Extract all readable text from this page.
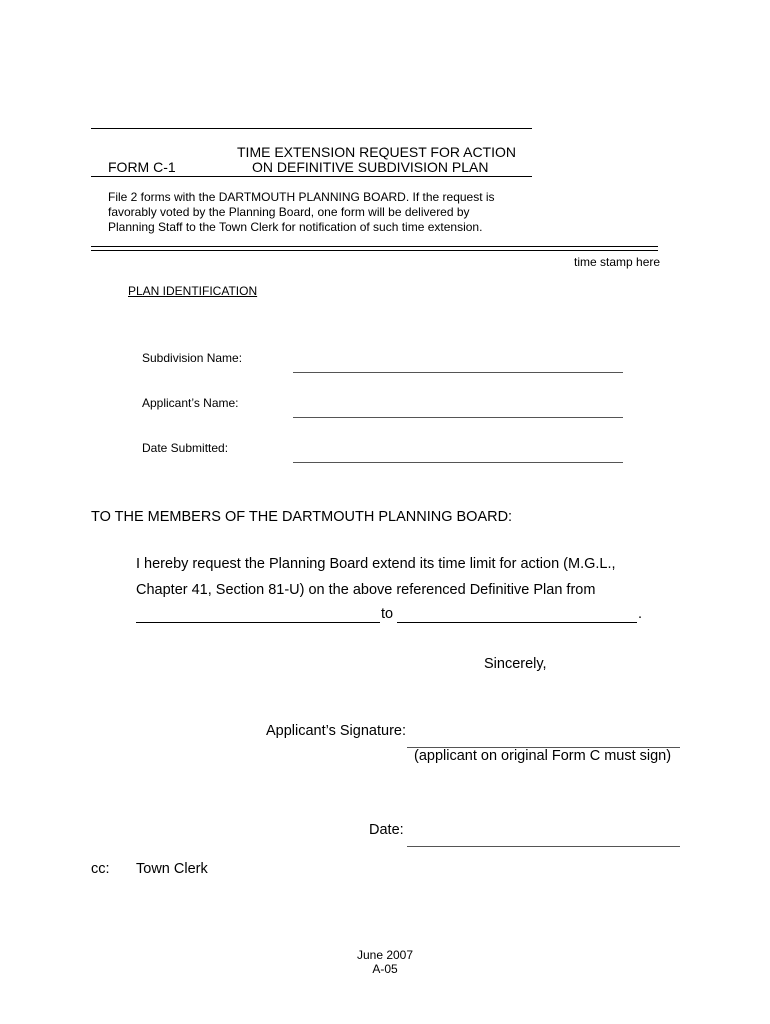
TIME EXTENSION REQUEST FOR ACTION
FORM C-1	ON DEFINITIVE SUBDIVISION PLAN
File 2 forms with the DARTMOUTH PLANNING BOARD. If the request is
favorably voted by the Planning Board, one form will be delivered by
Planning Staff to the Town Clerk for notification of such time extension.
time stamp here
PLAN IDENTIFICATION
Subdivision Name:
Applicant’s Name:
Date Submitted:
TO THE MEMBERS OF THE DARTMOUTH PLANNING BOARD:
I hereby request the Planning Board extend its time limit for action (M.G.L.,
Chapter 41, Section 81-U) on the above referenced Definitive Plan from
to	.
Sincerely,
Applicant’s Signature:
(applicant on original Form C must sign)
Date:
cc: Town Clerk
June 2007
A-05
